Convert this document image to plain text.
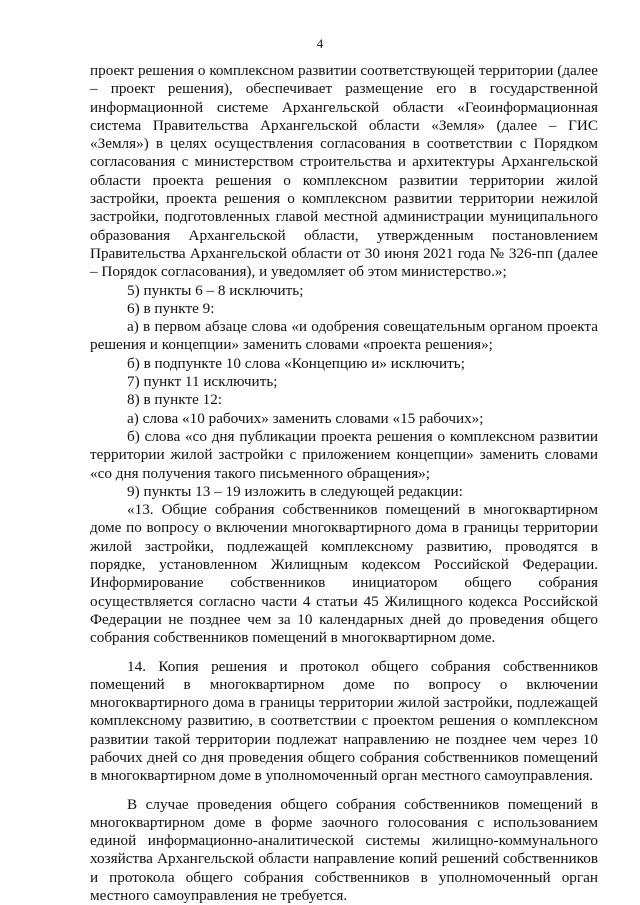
4

проект решения о комплексном развитии соответствующей территории (далее – проект решения), обеспечивает размещение его в государственной информационной системе Архангельской области «Геоинформационная система Правительства Архангельской области «Земля» (далее – ГИС «Земля») в целях осуществления согласования в соответствии с Порядком согласования с министерством строительства и архитектуры Архангельской области проекта решения о комплексном развитии территории жилой застройки, проекта решения о комплексном развитии территории нежилой застройки, подготовленных главой местной администрации муниципального образования Архангельской области, утвержденным постановлением Правительства Архангельской области от 30 июня 2021 года № 326-пп (далее – Порядок согласования), и уведомляет об этом министерство.»;

5) пункты 6 – 8 исключить;

6) в пункте 9:

а) в первом абзаце слова «и одобрения совещательным органом проекта решения и концепции» заменить словами «проекта решения»;

б) в подпункте 10 слова «Концепцию и» исключить;

7) пункт 11 исключить;

8) в пункте 12:

а) слова «10 рабочих» заменить словами «15 рабочих»;

б) слова «со дня публикации проекта решения о комплексном развитии территории жилой застройки с приложением концепции» заменить словами «со дня получения такого письменного обращения»;

9) пункты 13 – 19 изложить в следующей редакции:

«13. Общие собрания собственников помещений в многоквартирном доме по вопросу о включении многоквартирного дома в границы территории жилой застройки, подлежащей комплексному развитию, проводятся в порядке, установленном Жилищным кодексом Российской Федерации. Информирование собственников инициатором общего собрания осуществляется согласно части 4 статьи 45 Жилищного кодекса Российской Федерации не позднее чем за 10 календарных дней до проведения общего собрания собственников помещений в многоквартирном доме.

14. Копия решения и протокол общего собрания собственников помещений в многоквартирном доме по вопросу о включении многоквартирного дома в границы территории жилой застройки, подлежащей комплексному развитию, в соответствии с проектом решения о комплексном развитии такой территории подлежат направлению не позднее чем через 10 рабочих дней со дня проведения общего собрания собственников помещений в многоквартирном доме в уполномоченный орган местного самоуправления.

В случае проведения общего собрания собственников помещений в многоквартирном доме в форме заочного голосования с использованием единой информационно-аналитической системы жилищно-коммунального хозяйства Архангельской области направление копий решений собственников и протокола общего собрания собственников в уполномоченный орган местного самоуправления не требуется.
